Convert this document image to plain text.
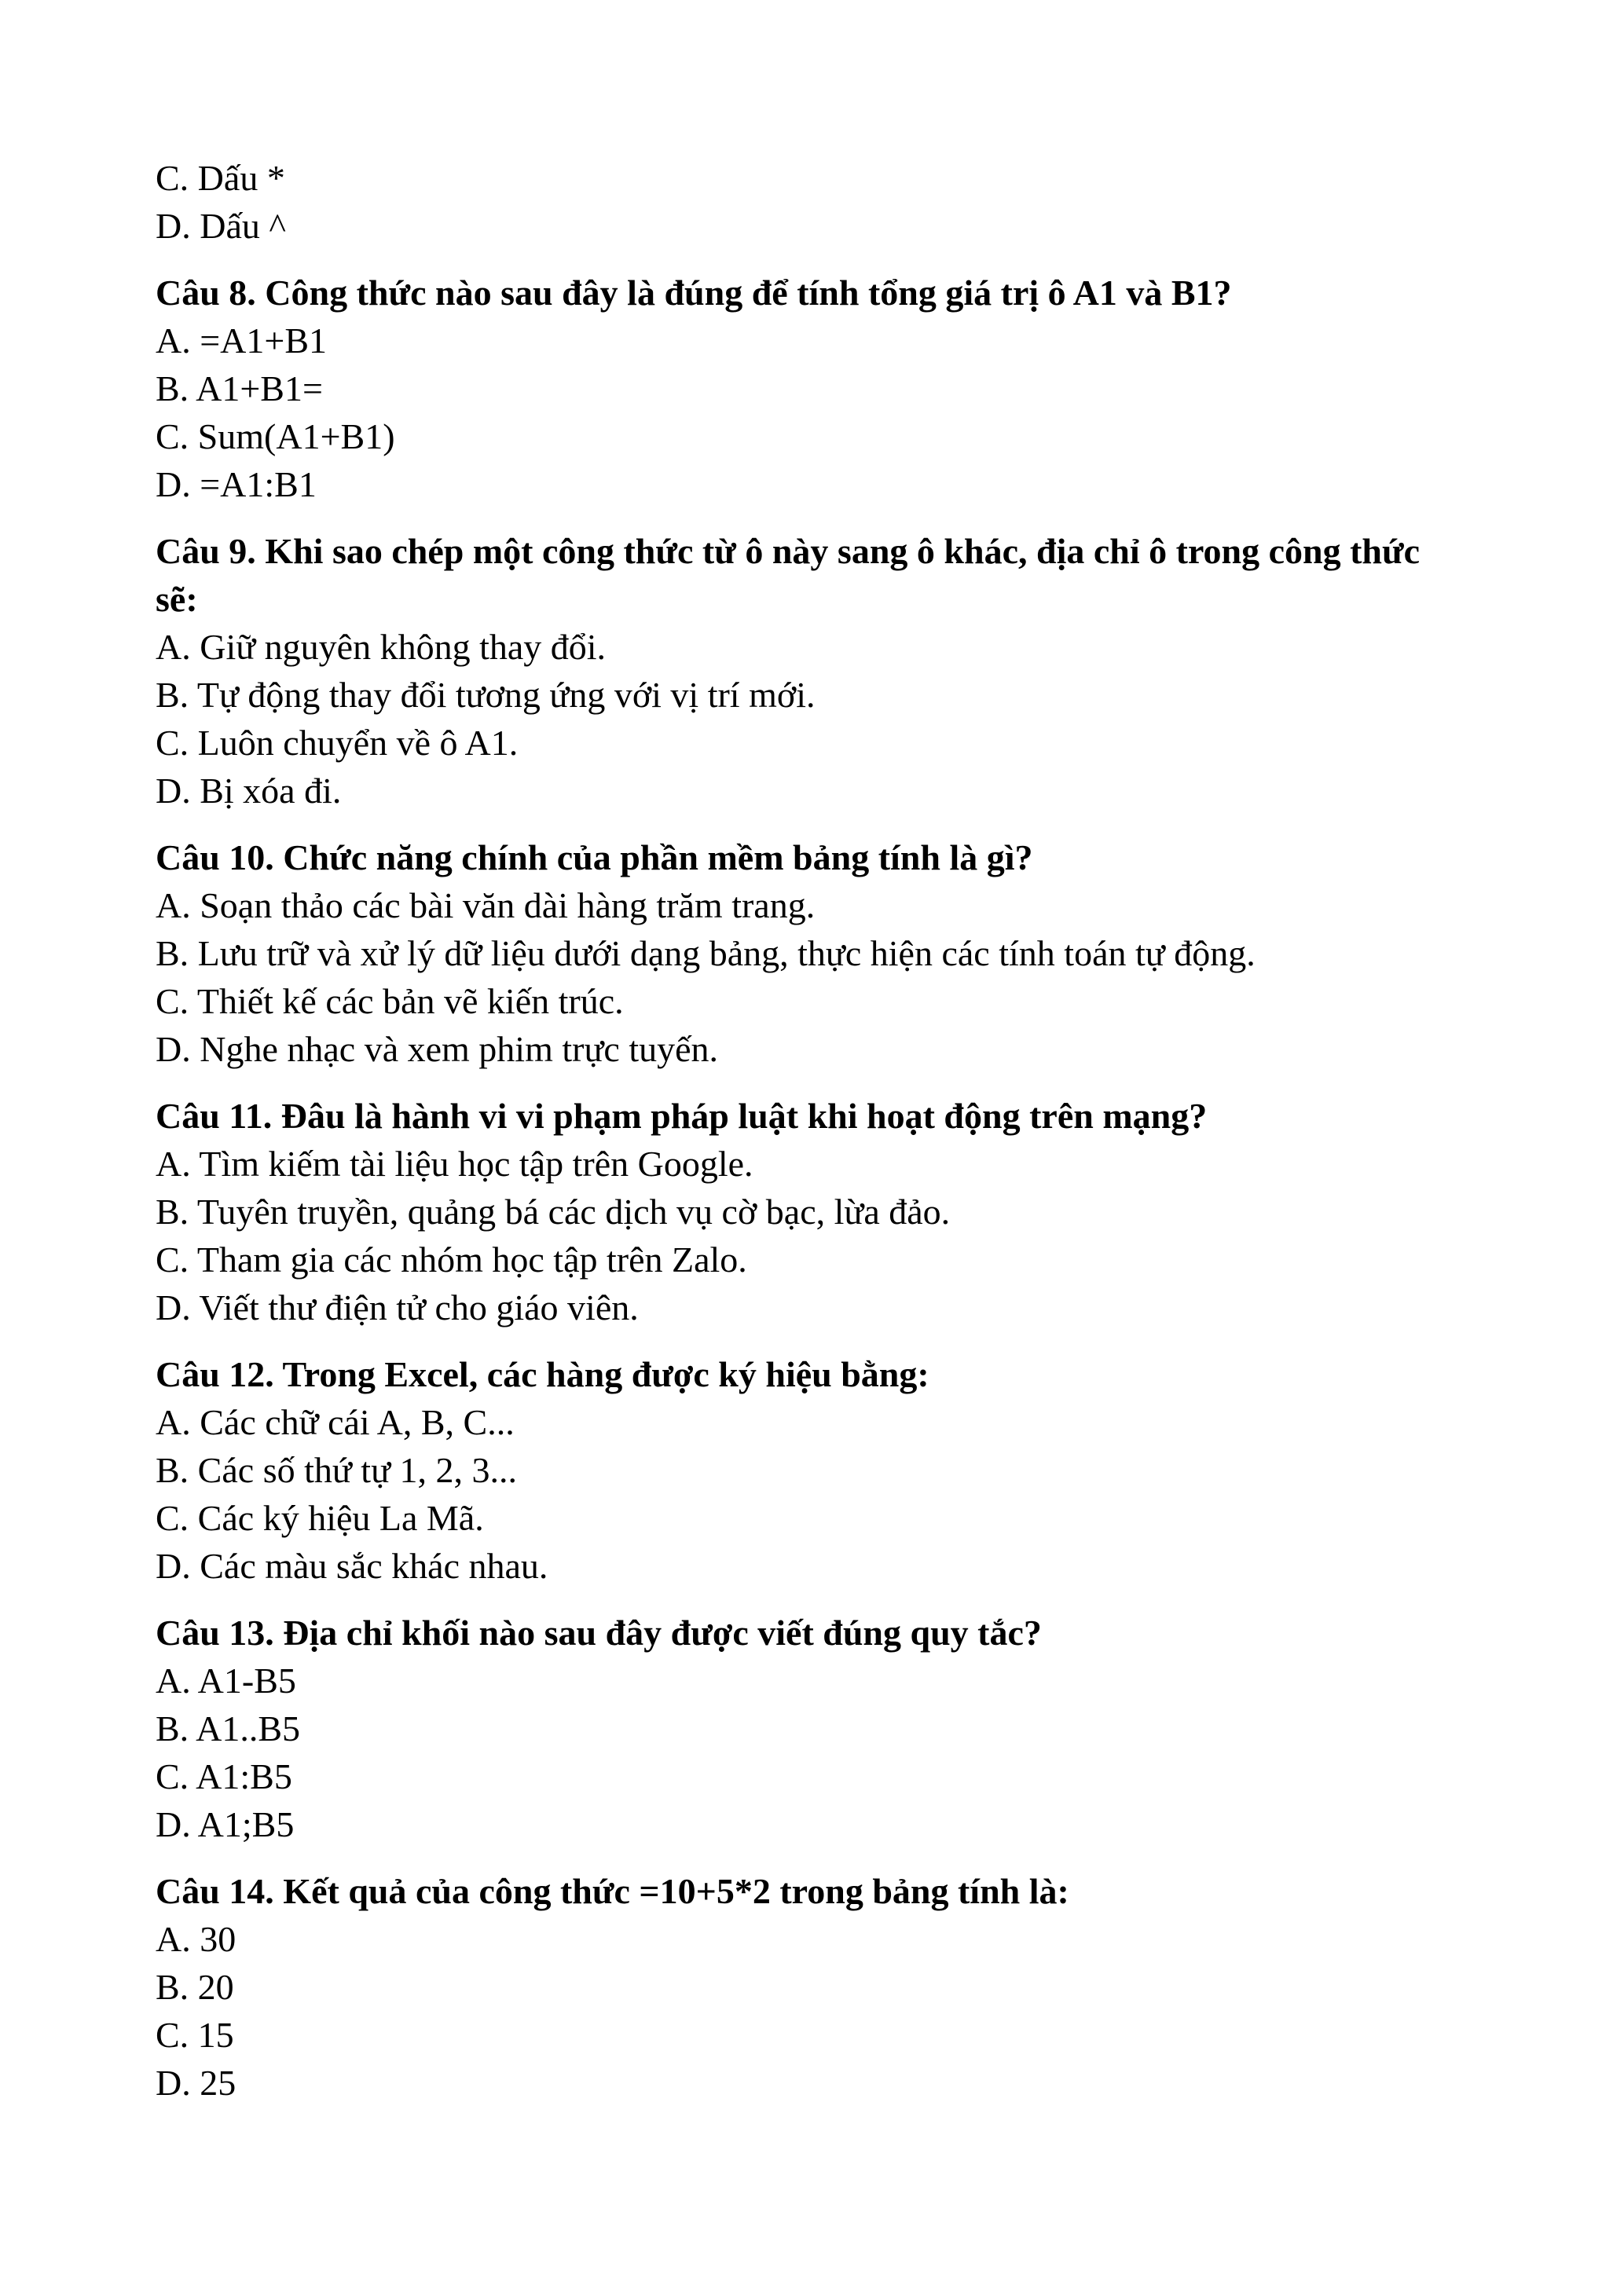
C. Dấu *

D. Dấu ^

Câu 8. Công thức nào sau đây là đúng để tính tổng giá trị ô A1 và B1?

A. =A1+B1

B. A1+B1=

C. Sum(A1+B1)

D. =A1:B1

Câu 9. Khi sao chép một công thức từ ô này sang ô khác, địa chỉ ô trong công thức sẽ:

A. Giữ nguyên không thay đổi.

B. Tự động thay đổi tương ứng với vị trí mới.

C. Luôn chuyển về ô A1.

D. Bị xóa đi.

Câu 10. Chức năng chính của phần mềm bảng tính là gì?

A. Soạn thảo các bài văn dài hàng trăm trang.

B. Lưu trữ và xử lý dữ liệu dưới dạng bảng, thực hiện các tính toán tự động.

C. Thiết kế các bản vẽ kiến trúc.

D. Nghe nhạc và xem phim trực tuyến.

Câu 11. Đâu là hành vi vi phạm pháp luật khi hoạt động trên mạng?

A. Tìm kiếm tài liệu học tập trên Google.

B. Tuyên truyền, quảng bá các dịch vụ cờ bạc, lừa đảo.

C. Tham gia các nhóm học tập trên Zalo.

D. Viết thư điện tử cho giáo viên.

Câu 12. Trong Excel, các hàng được ký hiệu bằng:

A. Các chữ cái A, B, C...

B. Các số thứ tự 1, 2, 3...

C. Các ký hiệu La Mã.

D. Các màu sắc khác nhau.

Câu 13. Địa chỉ khối nào sau đây được viết đúng quy tắc?

A. A1-B5

B. A1..B5

C. A1:B5

D. A1;B5

Câu 14. Kết quả của công thức =10+5*2 trong bảng tính là:

A. 30

B. 20

C. 15

D. 25
